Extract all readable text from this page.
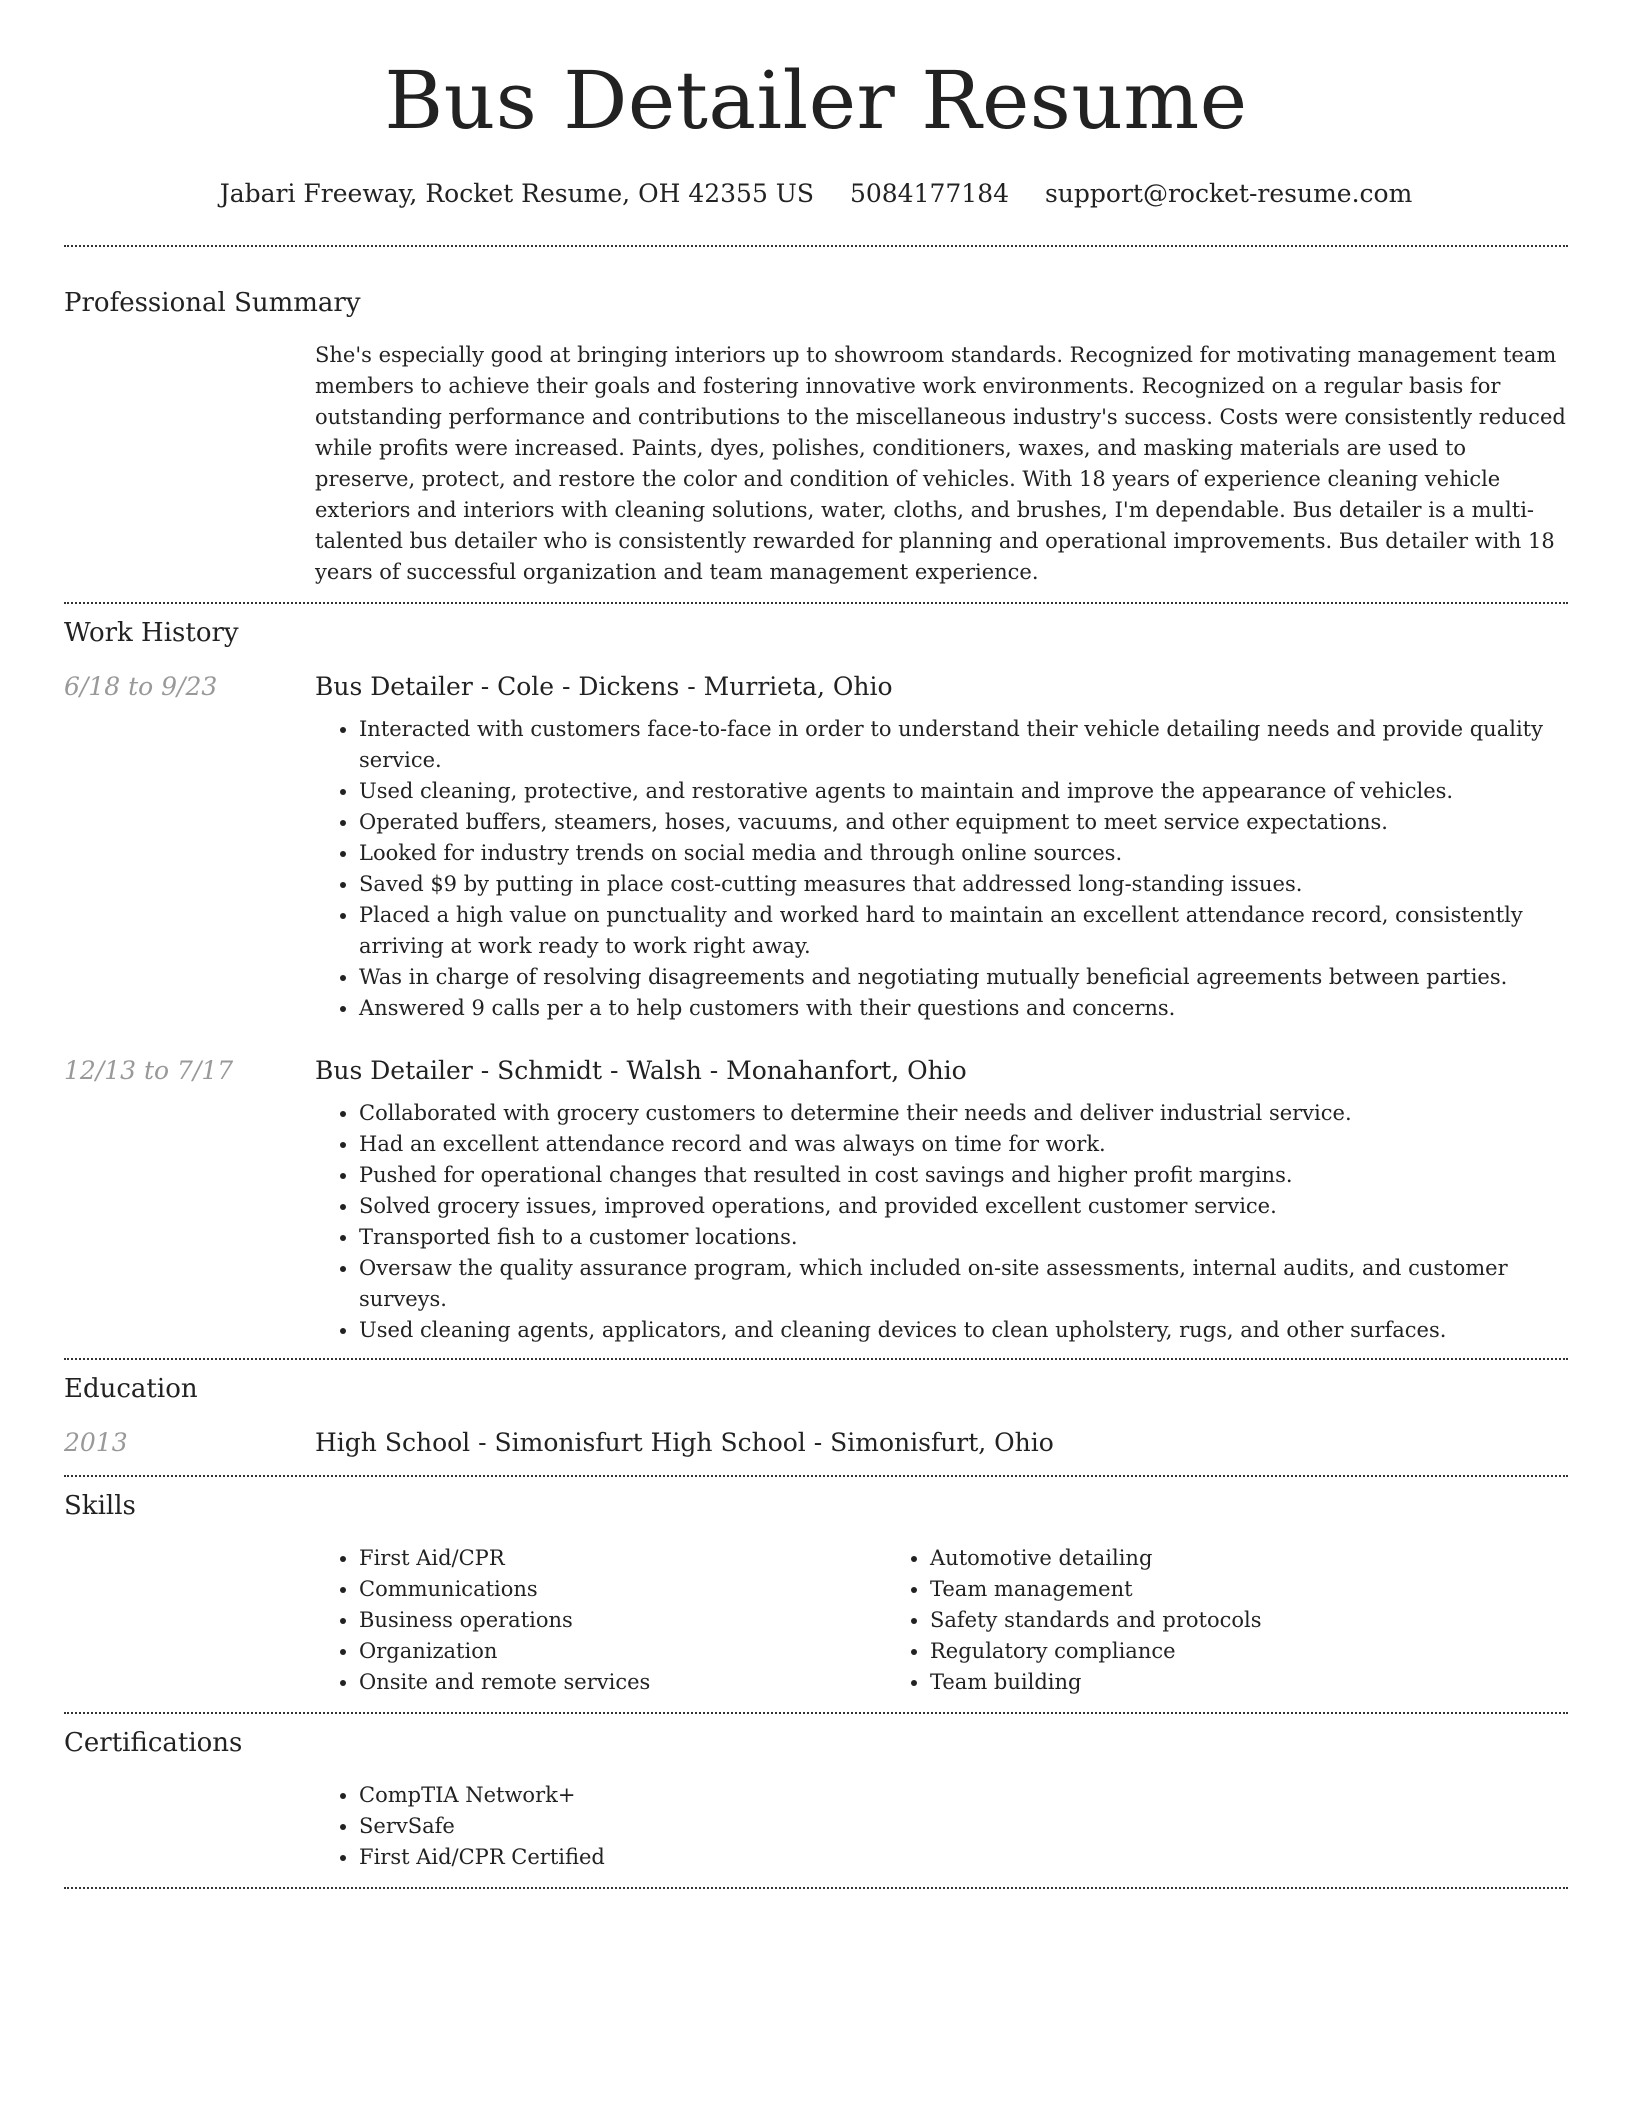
Bus Detailer Resume
Jabari Freeway, Rocket Resume, OH 42355 US 5084177184 support@rocket-resume.com
Professional Summary

She's especially good at bringing interiors up to showroom standards. Recognized for motivating management team members to achieve their goals and fostering innovative work environments. Recognized on a regular basis for outstanding performance and contributions to the miscellaneous industry's success. Costs were consistently reduced while profits were increased. Paints, dyes, polishes, conditioners, waxes, and masking materials are used to preserve, protect, and restore the color and condition of vehicles. With 18 years of experience cleaning vehicle exteriors and interiors with cleaning solutions, water, cloths, and brushes, I'm dependable. Bus detailer is a multi-talented bus detailer who is consistently rewarded for planning and operational improvements. Bus detailer with 18 years of successful organization and team management experience.

Work History
6/18 to 9/23	Bus Detailer - Cole - Dickens - Murrieta, Ohio
• Interacted with customers face-to-face in order to understand their vehicle detailing needs and provide quality service.
• Used cleaning, protective, and restorative agents to maintain and improve the appearance of vehicles.
• Operated buffers, steamers, hoses, vacuums, and other equipment to meet service expectations.
• Looked for industry trends on social media and through online sources.
• Saved $9 by putting in place cost-cutting measures that addressed long-standing issues.
• Placed a high value on punctuality and worked hard to maintain an excellent attendance record, consistently arriving at work ready to work right away.
• Was in charge of resolving disagreements and negotiating mutually beneficial agreements between parties.
• Answered 9 calls per a to help customers with their questions and concerns.
12/13 to 7/17	Bus Detailer - Schmidt - Walsh - Monahanfort, Ohio
• Collaborated with grocery customers to determine their needs and deliver industrial service.
• Had an excellent attendance record and was always on time for work.
• Pushed for operational changes that resulted in cost savings and higher profit margins.
• Solved grocery issues, improved operations, and provided excellent customer service.
• Transported fish to a customer locations.
• Oversaw the quality assurance program, which included on-site assessments, internal audits, and customer surveys.
• Used cleaning agents, applicators, and cleaning devices to clean upholstery, rugs, and other surfaces.
Education
2013	High School - Simonisfurt High School - Simonisfurt, Ohio
Skills
• First Aid/CPR
• Communications
• Business operations
• Organization
• Onsite and remote services
• Automotive detailing
• Team management
• Safety standards and protocols
• Regulatory compliance
• Team building
Certifications
• CompTIA Network+
• ServSafe
• First Aid/CPR Certified
